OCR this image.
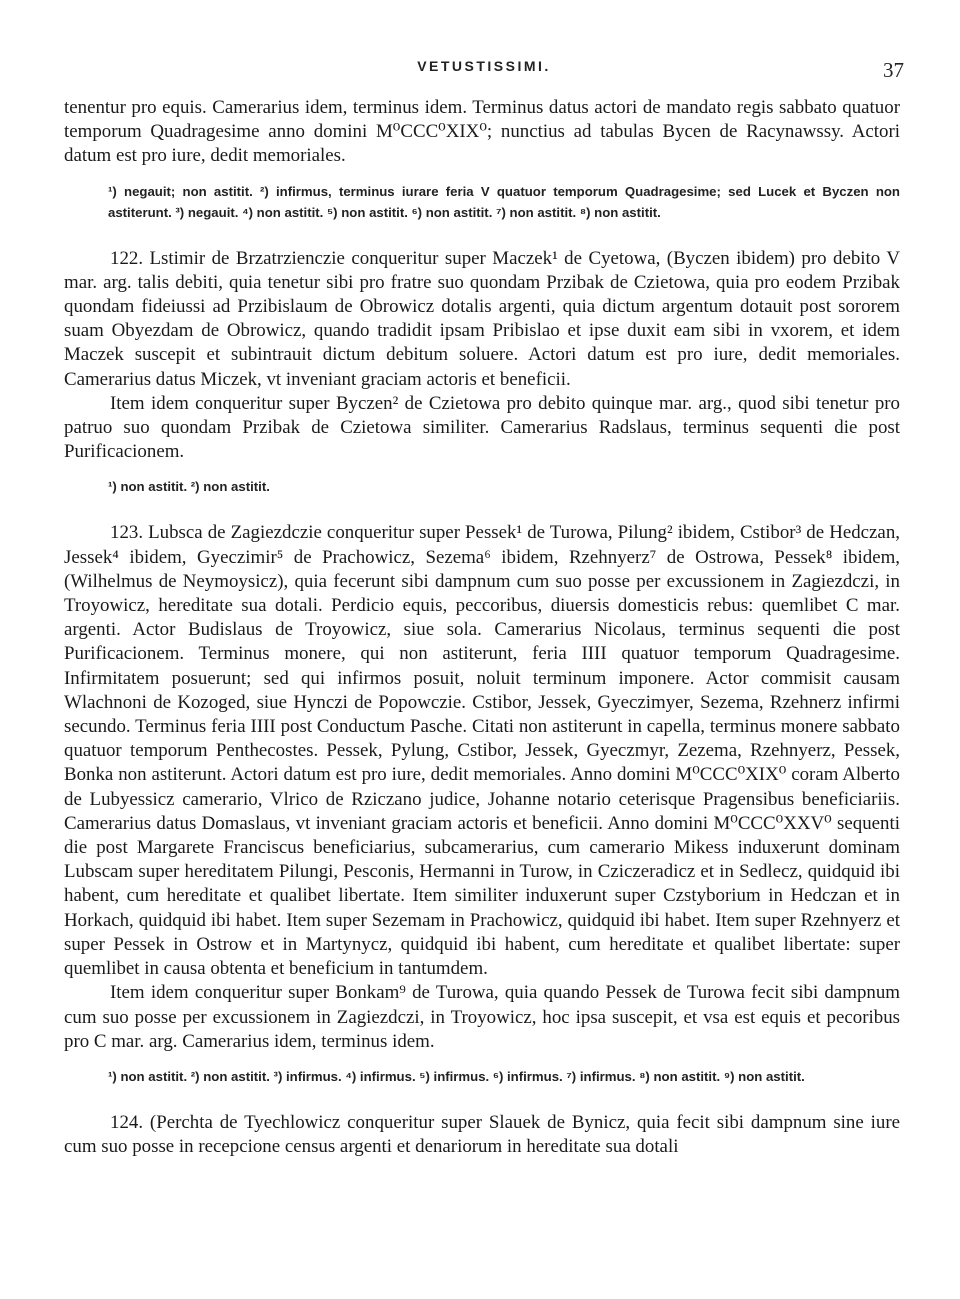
VETUSTISSIMI.	37

tenentur pro equis. Camerarius idem, terminus idem. Terminus datus actori de mandato regis sabbato quatuor temporum Quadragesime anno domini M⁰CCC⁰XIX⁰; nunctius ad tabulas Bycen de Racynawssy. Actori datum est pro iure, dedit memoriales.

¹) negauit; non astitit. ²) infirmus, terminus iurare feria V quatuor temporum Quadragesime; sed Lucek et Byczen non astiterunt. ³) negauit. ⁴) non astitit. ⁵) non astitit. ⁶) non astitit. ⁷) non astitit. ⁸) non astitit.

122. Lstimir de Brzatrzienczie conqueritur super Maczek¹ de Cyetowa, (Byczen ibidem) pro debito V mar. arg. talis debiti, quia tenetur sibi pro fratre suo quondam Przibak de Czietowa, quia pro eodem Przibak quondam fideiussi ad Przibislaum de Obrowicz dotalis argenti, quia dictum argentum dotauit post sororem suam Obyezdam de Obrowicz, quando tradidit ipsam Pribislao et ipse duxit eam sibi in vxorem, et idem Maczek suscepit et subintrauit dictum debitum soluere. Actori datum est pro iure, dedit memoriales. Camerarius datus Miczek, vt inveniant graciam actoris et beneficii.

Item idem conqueritur super Byczen² de Czietowa pro debito quinque mar. arg., quod sibi tenetur pro patruo suo quondam Przibak de Czietowa similiter. Camerarius Radslaus, terminus sequenti die post Purificacionem.

¹) non astitit. ²) non astitit.

123. Lubsca de Zagiezdczie conqueritur super Pessek¹ de Turowa, Pilung² ibidem, Cstibor³ de Hedczan, Jessek⁴ ibidem, Gyeczimir⁵ de Prachowicz, Sezema⁶ ibidem, Rzehnyerz⁷ de Ostrowa, Pessek⁸ ibidem, (Wilhelmus de Neymoysicz), quia fecerunt sibi dampnum cum suo posse per excussionem in Zagiezdczi, in Troyowicz, hereditate sua dotali. Perdicio equis, peccoribus, diuersis domesticis rebus: quemlibet C mar. argenti. Actor Budislaus de Troyowicz, siue sola. Camerarius Nicolaus, terminus sequenti die post Purificacionem. Terminus monere, qui non astiterunt, feria IIII quatuor temporum Quadragesime. Infirmitatem posuerunt; sed qui infirmos posuit, noluit terminum imponere. Actor commisit causam Wlachnoni de Kozoged, siue Hynczi de Popowczie. Cstibor, Jessek, Gyeczimyer, Sezema, Rzehnerz infirmi secundo. Terminus feria IIII post Conductum Pasche. Citati non astiterunt in capella, terminus monere sabbato quatuor temporum Penthecostes. Pessek, Pylung, Cstibor, Jessek, Gyeczmyr, Zezema, Rzehnyerz, Pessek, Bonka non astiterunt. Actori datum est pro iure, dedit memoriales. Anno domini M⁰CCC⁰XIX⁰ coram Alberto de Lubyessicz camerario, Vlrico de Rziczano judice, Johanne notario ceterisque Pragensibus beneficiariis. Camerarius datus Domaslaus, vt inveniant graciam actoris et beneficii. Anno domini M⁰CCC⁰XXV⁰ sequenti die post Margarete Franciscus beneficiarius, subcamerarius, cum camerario Mikess induxerunt dominam Lubscam super hereditatem Pilungi, Pesconis, Hermanni in Turow, in Cziczeradicz et in Sedlecz, quidquid ibi habent, cum hereditate et qualibet libertate. Item similiter induxerunt super Czstyborium in Hedczan et in Horkach, quidquid ibi habet. Item super Sezemam in Prachowicz, quidquid ibi habet. Item super Rzehnyerz et super Pessek in Ostrow et in Martynycz, quidquid ibi habent, cum hereditate et qualibet libertate: super quemlibet in causa obtenta et beneficium in tantumdem.

Item idem conqueritur super Bonkam⁹ de Turowa, quia quando Pessek de Turowa fecit sibi dampnum cum suo posse per excussionem in Zagiezdczi, in Troyowicz, hoc ipsa suscepit, et vsa est equis et pecoribus pro C mar. arg. Camerarius idem, terminus idem.

¹) non astitit. ²) non astitit. ³) infirmus. ⁴) infirmus. ⁵) infirmus. ⁶) infirmus. ⁷) infirmus. ⁸) non astitit. ⁹) non astitit.

124. (Perchta de Tyechlowicz conqueritur super Slauek de Bynicz, quia fecit sibi dampnum sine iure cum suo posse in recepcione census argenti et denariorum in hereditate sua dotali
